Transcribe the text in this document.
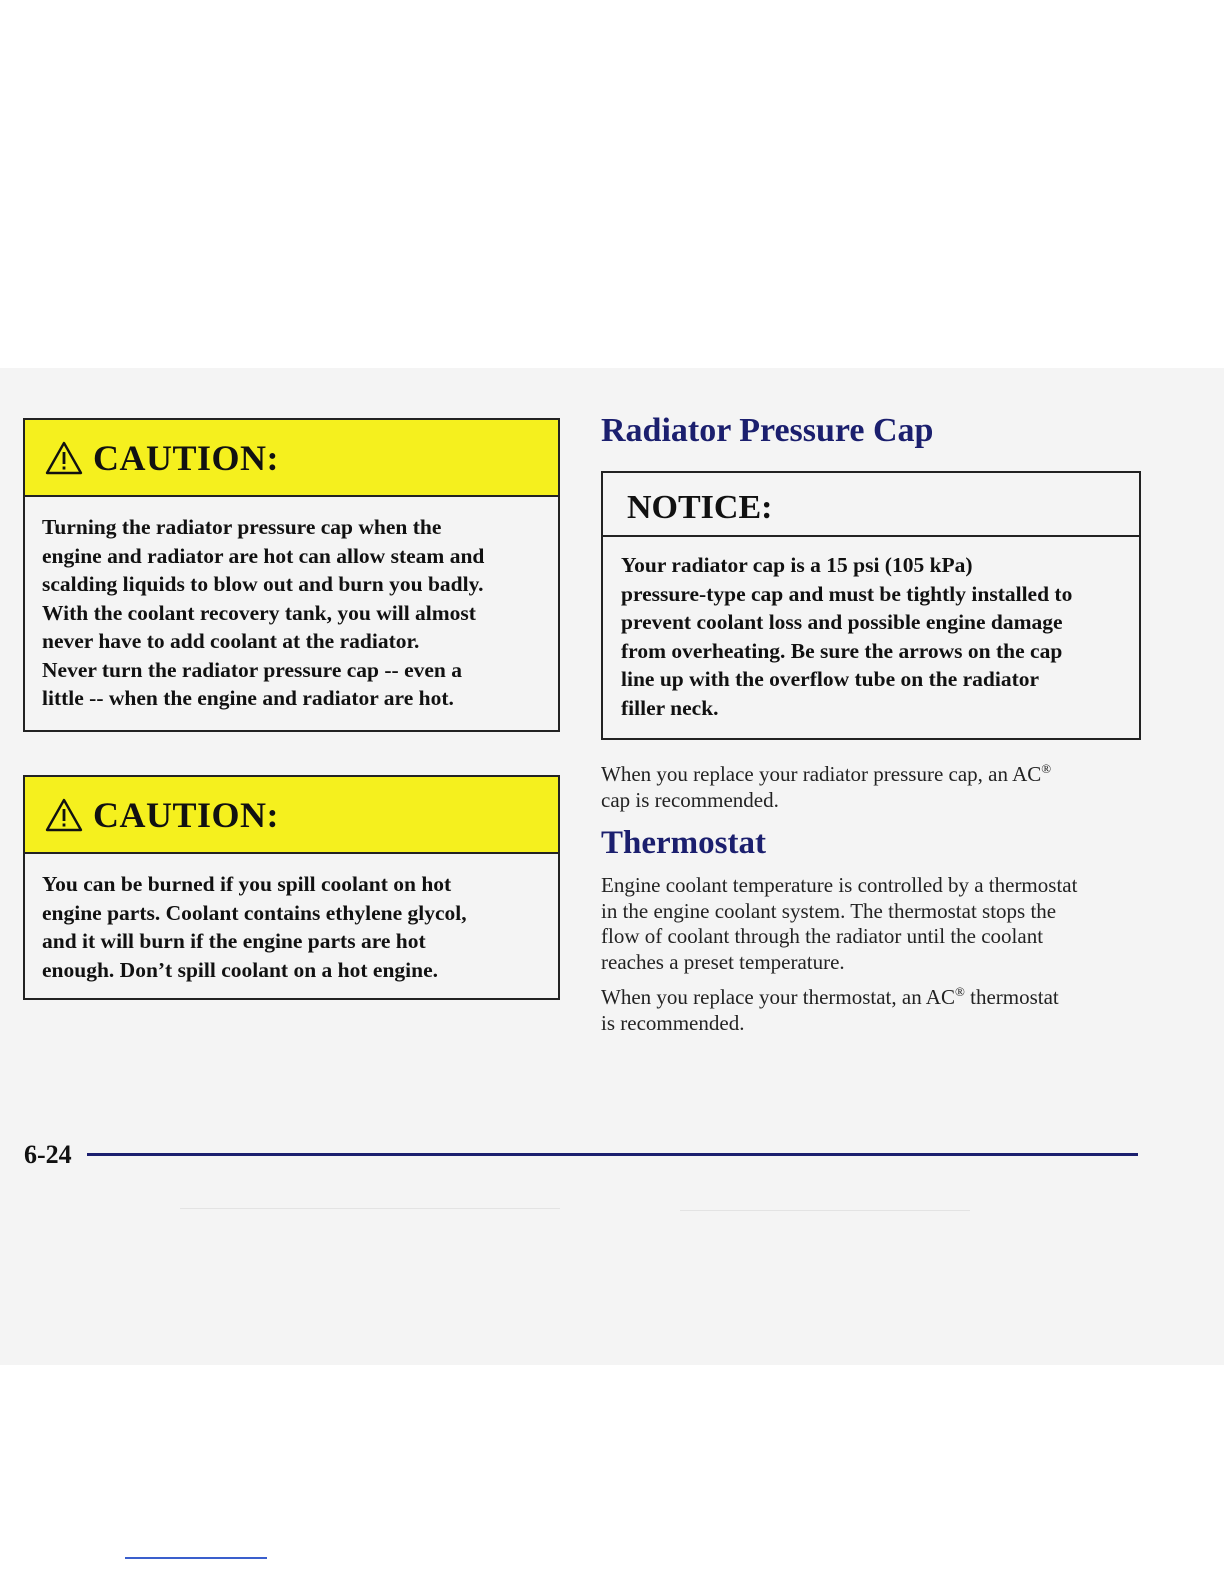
CAUTION:

Turning the radiator pressure cap when the

engine and radiator are hot can allow steam and

scalding liquids to blow out and burn you badly.

With the coolant recovery tank, you will almost

never have to add coolant at the radiator.

Never turn the radiator pressure cap -- even a

little -- when the engine and radiator are hot.

CAUTION:

You can be burned if you spill coolant on hot

engine parts. Coolant contains ethylene glycol,

and it will burn if the engine parts are hot

enough. Don’t spill coolant on a hot engine.

Radiator Pressure Cap
NOTICE:
Your radiator cap is a 15 psi (105 kPa)
pressure-type cap and must be tightly installed to
prevent coolant loss and possible engine damage
from overheating. Be sure the arrows on the cap
line up with the overflow tube on the radiator
filler neck.
When you replace your radiator pressure cap, an AC®
cap is recommended.
Thermostat
Engine coolant temperature is controlled by a thermostat
in the engine coolant system. The thermostat stops the
flow of coolant through the radiator until the coolant
reaches a preset temperature.
When you replace your thermostat, an AC® thermostat
is recommended.
6-24
